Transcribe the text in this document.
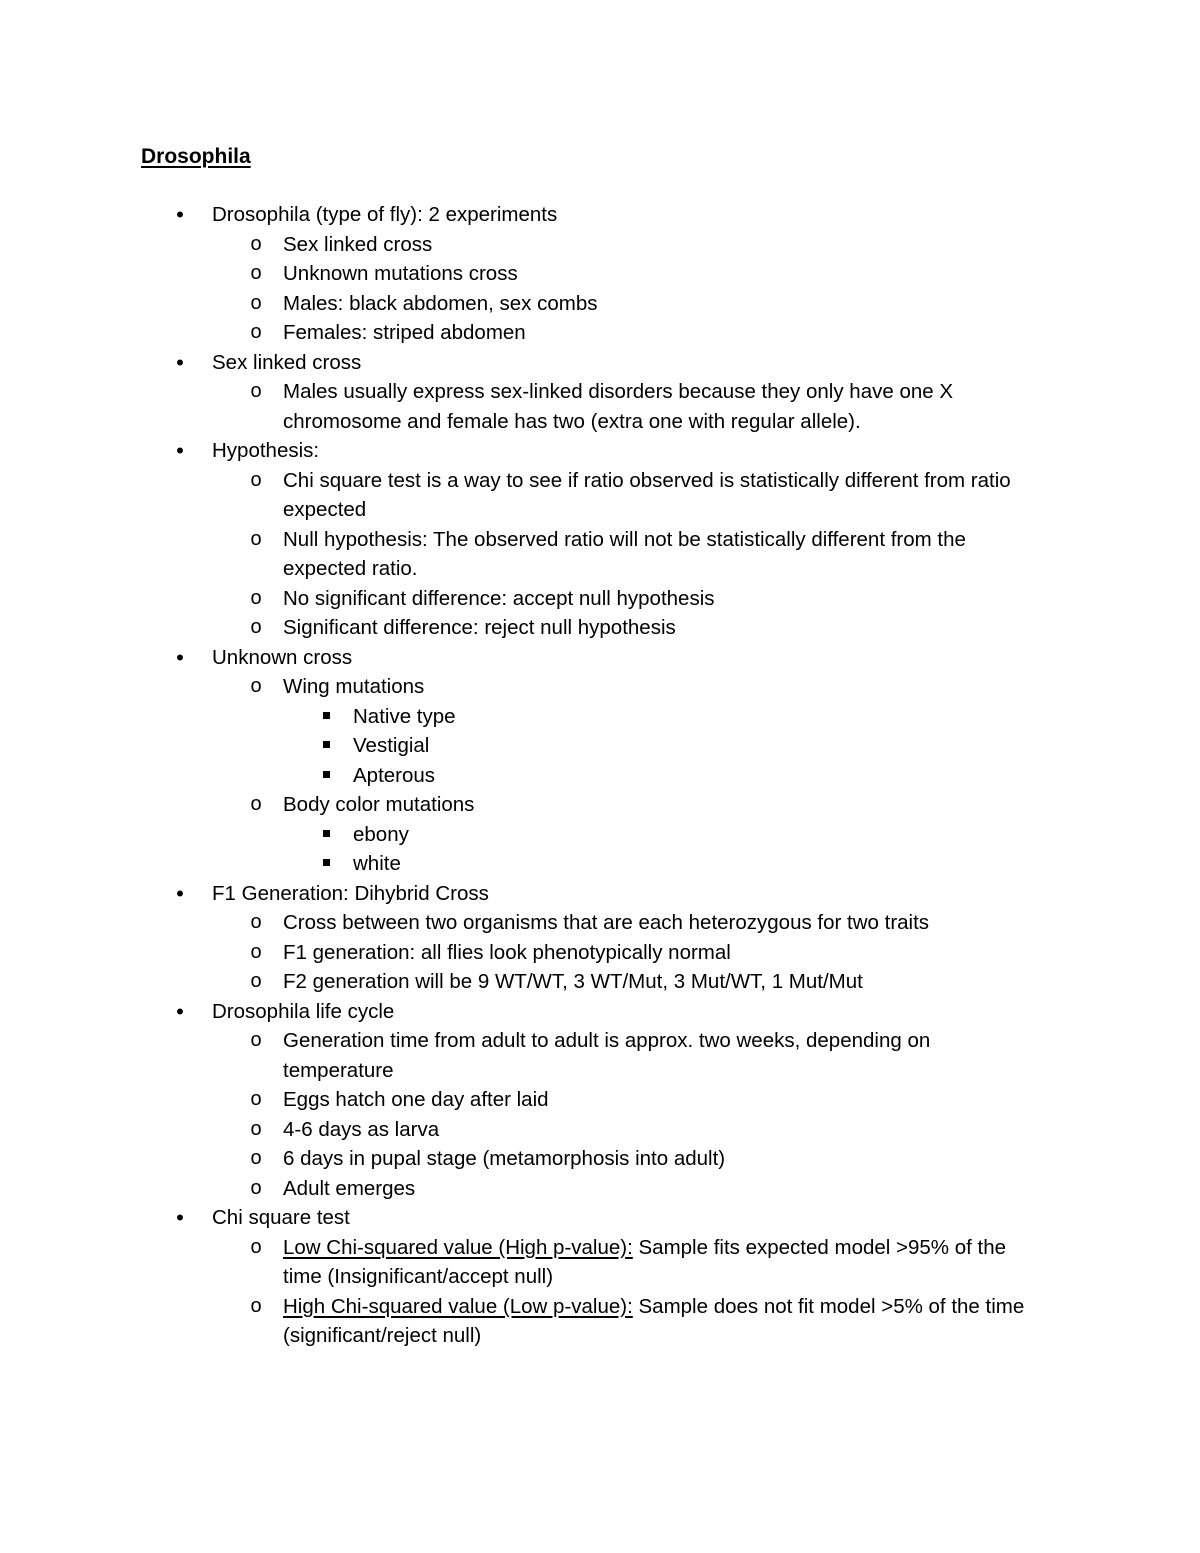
Drosophila
•	Drosophila (type of fly): 2 experiments
o	Sex linked cross
o	Unknown mutations cross
o	Males: black abdomen, sex combs
o	Females: striped abdomen
•	Sex linked cross
o	Males usually express sex-linked disorders because they only have one X
chromosome and female has two (extra one with regular allele).
•	Hypothesis:
o	Chi square test is a way to see if ratio observed is statistically different from ratio
expected
o	Null hypothesis: The observed ratio will not be statistically different from the
expected ratio.
o	No significant difference: accept null hypothesis
o	Significant difference: reject null hypothesis
•	Unknown cross
o	Wing mutations
Native type
Vestigial
Apterous
o	Body color mutations
ebony
white
•	F1 Generation: Dihybrid Cross
o	Cross between two organisms that are each heterozygous for two traits
o	F1 generation: all flies look phenotypically normal
o	F2 generation will be 9 WT/WT, 3 WT/Mut, 3 Mut/WT, 1 Mut/Mut
•	Drosophila life cycle
o	Generation time from adult to adult is approx. two weeks, depending on
temperature
o	Eggs hatch one day after laid
o	4-6 days as larva
o	6 days in pupal stage (metamorphosis into adult)
o	Adult emerges
•	Chi square test
o	Low Chi-squared value (High p-value): Sample fits expected model >95% of the
time (Insignificant/accept null)
o	High Chi-squared value (Low p-value): Sample does not fit model >5% of the time
(significant/reject null)
